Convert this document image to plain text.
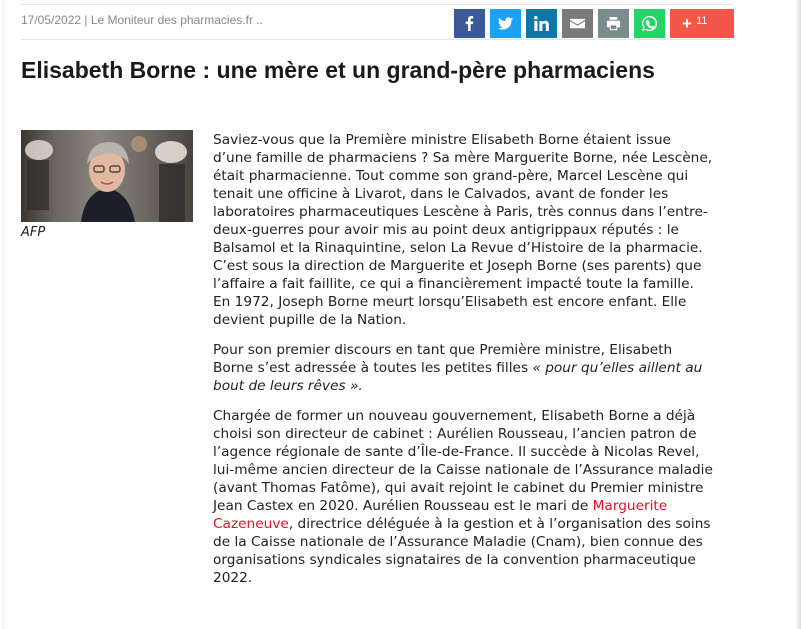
17/05/2022 | Le Moniteur des pharmacies.fr ..	+ 11
Elisabeth Borne : une mère et un grand-père pharmaciens
AFP

Saviez-vous que la Première ministre Elisabeth Borne étaient issue d’une famille de pharmaciens ? Sa mère Marguerite Borne, née Lescène, était pharmacienne. Tout comme son grand-père, Marcel Lescène qui tenait une officine à Livarot, dans le Calvados, avant de fonder les laboratoires pharmaceutiques Lescène à Paris, très connus dans l’entre-deux-guerres pour avoir mis au point deux antigrippaux réputés : le Balsamol et la Rinaquintine, selon La Revue d’Histoire de la pharmacie. C’est sous la direction de Marguerite et Joseph Borne (ses parents) que l’affaire a fait faillite, ce qui a financièrement impacté toute la famille. En 1972, Joseph Borne meurt lorsqu’Elisabeth est encore enfant. Elle devient pupille de la Nation.

Pour son premier discours en tant que Première ministre, Elisabeth Borne s’est adressée à toutes les petites filles « pour qu’elles aillent au bout de leurs rêves ».

Chargée de former un nouveau gouvernement, Elisabeth Borne a déjà choisi son directeur de cabinet : Aurélien Rousseau, l’ancien patron de l’agence régionale de sante d’Île-de-France. Il succède à Nicolas Revel, lui-même ancien directeur de la Caisse nationale de l’Assurance maladie (avant Thomas Fatôme), qui avait rejoint le cabinet du Premier ministre Jean Castex en 2020. Aurélien Rousseau est le mari de Marguerite Cazeneuve, directrice déléguée à la gestion et à l’organisation des soins de la Caisse nationale de l’Assurance Maladie (Cnam), bien connue des organisations syndicales signataires de la convention pharmaceutique 2022.
